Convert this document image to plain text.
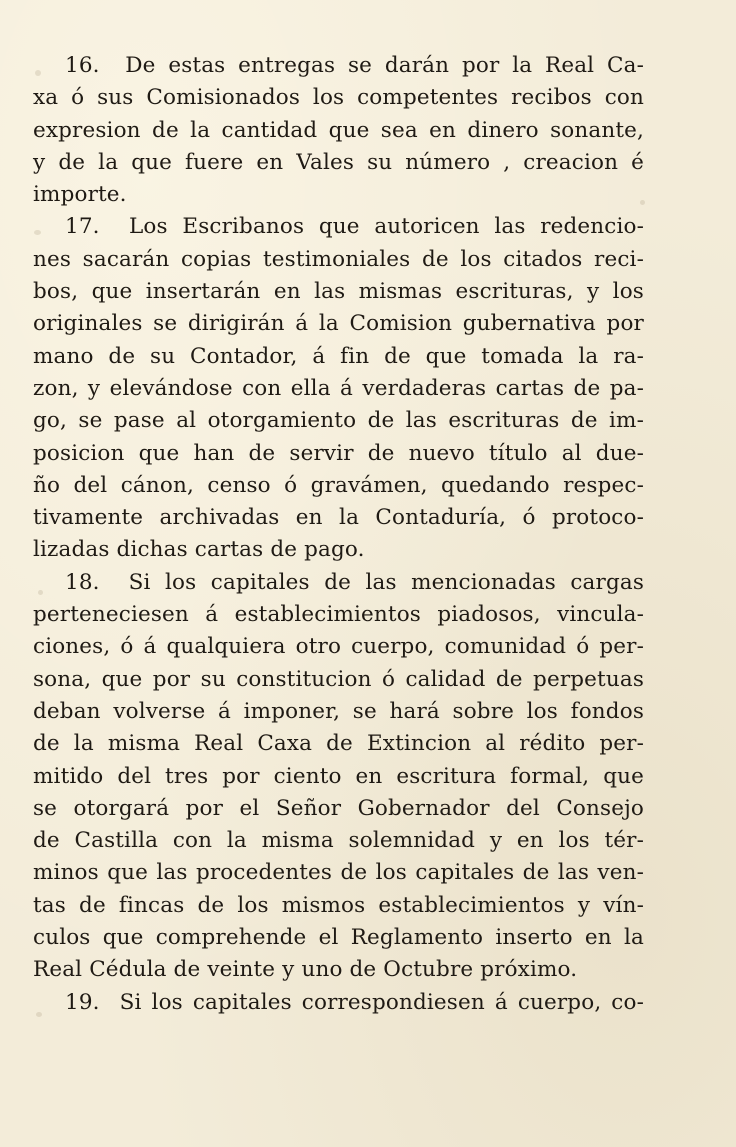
16. De estas entregas se darán por la Real Ca-
xa ó sus Comisionados los competentes recibos con
expresion de la cantidad que sea en dinero sonante,
y de la que fuere en Vales su número , creacion é
importe.
17. Los Escribanos que autoricen las redencio-
nes sacarán copias testimoniales de los citados reci-
bos, que insertarán en las mismas escrituras, y los
originales se dirigirán á la Comision gubernativa por
mano de su Contador, á fin de que tomada la ra-
zon, y elevándose con ella á verdaderas cartas de pa-
go, se pase al otorgamiento de las escrituras de im-
posicion que han de servir de nuevo título al due-
ño del cánon, censo ó gravámen, quedando respec-
tivamente archivadas en la Contaduría, ó protoco-
lizadas dichas cartas de pago.
18. Si los capitales de las mencionadas cargas
perteneciesen á establecimientos piadosos, vincula-
ciones, ó á qualquiera otro cuerpo, comunidad ó per-
sona, que por su constitucion ó calidad de perpetuas
deban volverse á imponer, se hará sobre los fondos
de la misma Real Caxa de Extincion al rédito per-
mitido del tres por ciento en escritura formal, que
se otorgará por el Señor Gobernador del Consejo
de Castilla con la misma solemnidad y en los tér-
minos que las procedentes de los capitales de las ven-
tas de fincas de los mismos establecimientos y vín-
culos que comprehende el Reglamento inserto en la
Real Cédula de veinte y uno de Octubre próximo.
19. Si los capitales correspondiesen á cuerpo, co-
